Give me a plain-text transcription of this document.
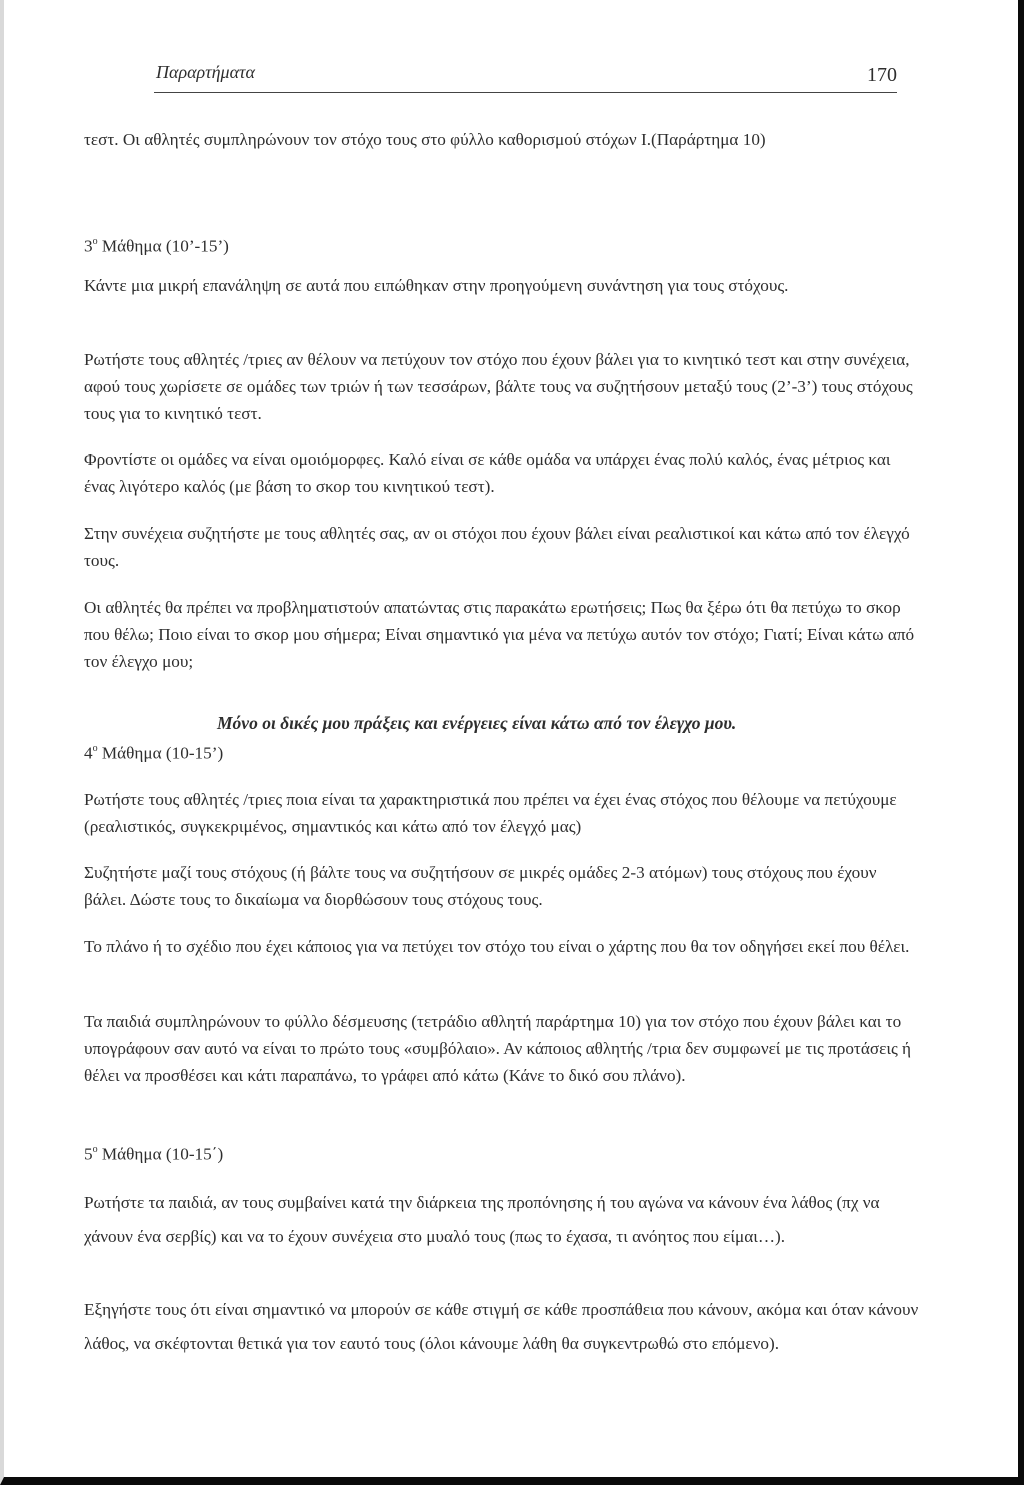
Παραρτήματα	170

τεστ. Οι αθλητές συμπληρώνουν τον στόχο τους στο φύλλο καθορισμού στόχων Ι.(Παράρτημα 10)

$3^o$ Μάθημα (10’-15’)

Κάντε μια μικρή επανάληψη σε αυτά που ειπώθηκαν στην προηγούμενη συνάντηση για τους στόχους.

Ρωτήστε τους αθλητές /τριες αν θέλουν να πετύχουν τον στόχο που έχουν βάλει για το κινητικό τεστ και στην συνέχεια, αφού τους χωρίσετε σε ομάδες των τριών ή των τεσσάρων, βάλτε τους να συζητήσουν μεταξύ τους (2’-3’) τους στόχους τους για το κινητικό τεστ.

Φροντίστε οι ομάδες να είναι ομοιόμορφες. Καλό είναι σε κάθε ομάδα να υπάρχει ένας πολύ καλός, ένας μέτριος και ένας λιγότερο καλός (με βάση το σκορ του κινητικού τεστ).

Στην συνέχεια συζητήστε με τους αθλητές σας, αν οι στόχοι που έχουν βάλει είναι ρεαλιστικοί και κάτω από τον έλεγχό τους.

Οι αθλητές θα πρέπει να προβληματιστούν απατώντας στις παρακάτω ερωτήσεις; Πως θα ξέρω ότι θα πετύχω το σκορ που θέλω; Ποιο είναι το σκορ μου σήμερα; Είναι σημαντικό για μένα να πετύχω αυτόν τον στόχο; Γιατί; Είναι κάτω από τον έλεγχο μου;

Μόνο οι δικές μου πράξεις και ενέργειες είναι κάτω από τον έλεγχο μου.

$4^o$ Μάθημα (10-15’)

Ρωτήστε τους αθλητές /τριες ποια είναι τα χαρακτηριστικά που πρέπει να έχει ένας στόχος που θέλουμε να πετύχουμε (ρεαλιστικός, συγκεκριμένος, σημαντικός και κάτω από τον έλεγχό μας)

Συζητήστε μαζί τους στόχους (ή βάλτε τους να συζητήσουν σε μικρές ομάδες 2-3 ατόμων) τους στόχους που έχουν βάλει. Δώστε τους το δικαίωμα να διορθώσουν τους στόχους τους.

Το πλάνο ή το σχέδιο που έχει κάποιος για να πετύχει τον στόχο του είναι ο χάρτης που θα τον οδηγήσει εκεί που θέλει.

Τα παιδιά συμπληρώνουν το φύλλο δέσμευσης (τετράδιο αθλητή παράρτημα 10) για τον στόχο που έχουν βάλει και το υπογράφουν σαν αυτό να είναι το πρώτο τους «συμβόλαιο». Αν κάποιος αθλητής /τρια δεν συμφωνεί με τις προτάσεις ή θέλει να προσθέσει και κάτι παραπάνω, το γράφει από κάτω (Κάνε το δικό σου πλάνο).

$5^o$ Μάθημα (10-15΄)

Ρωτήστε τα παιδιά, αν τους συμβαίνει κατά την διάρκεια της προπόνησης ή του αγώνα να κάνουν ένα λάθος (πχ να χάνουν ένα σερβίς) και να το έχουν συνέχεια στο μυαλό τους (πως το έχασα, τι ανόητος που είμαι…).

Εξηγήστε τους ότι είναι σημαντικό να μπορούν σε κάθε στιγμή σε κάθε προσπάθεια που κάνουν, ακόμα και όταν κάνουν λάθος, να σκέφτονται θετικά για τον εαυτό τους (όλοι κάνουμε λάθη θα συγκεντρωθώ στο επόμενο).
